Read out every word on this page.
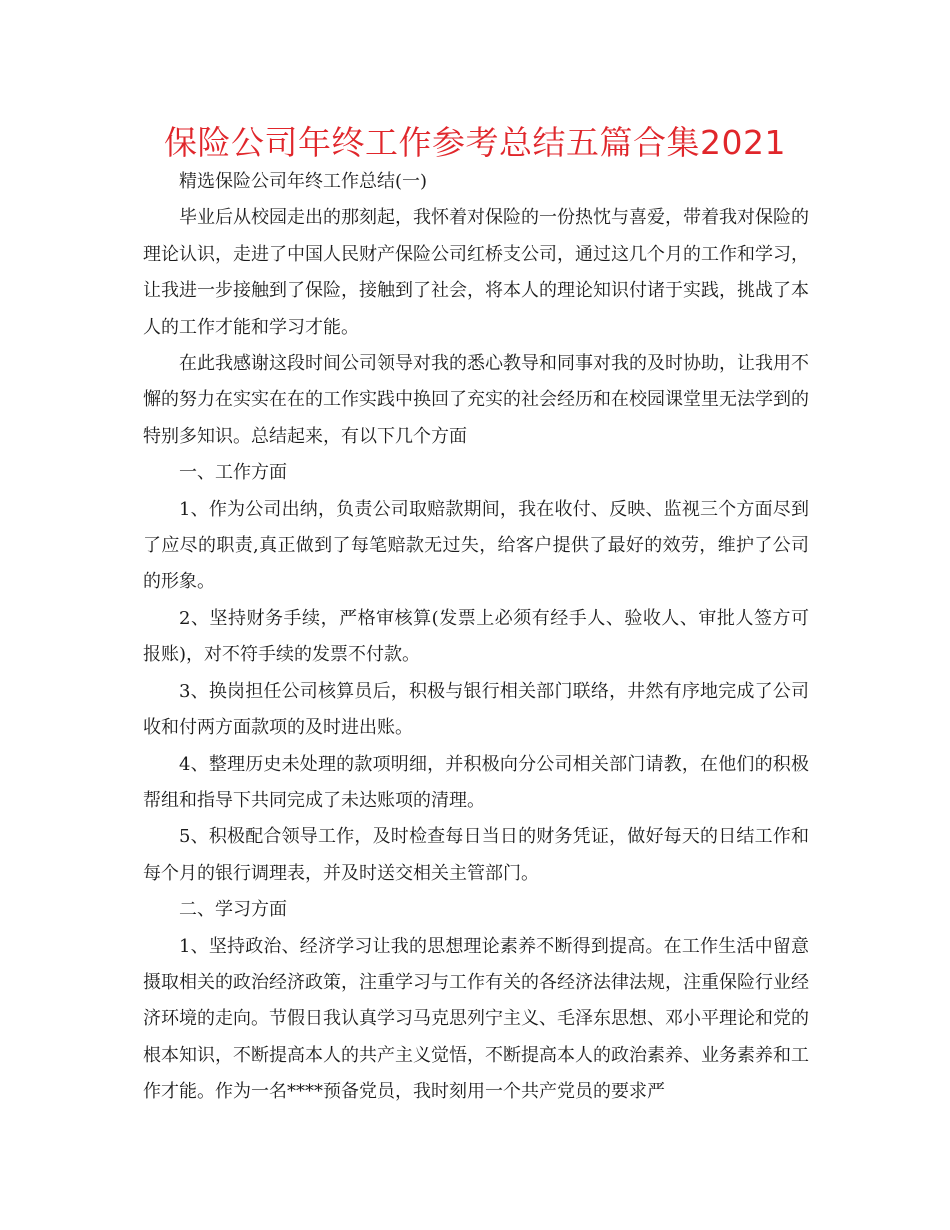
保险公司年终工作参考总结五篇合集2021

精选保险公司年终工作总结(一)

毕业后从校园走出的那刻起，我怀着对保险的一份热忱与喜爱，带着我对保险的理论认识，走进了中国人民财产保险公司红桥支公司，通过这几个月的工作和学习，让我进一步接触到了保险，接触到了社会，将本人的理论知识付诸于实践，挑战了本人的工作才能和学习才能。

在此我感谢这段时间公司领导对我的悉心教导和同事对我的及时协助，让我用不懈的努力在实实在在的工作实践中换回了充实的社会经历和在校园课堂里无法学到的特别多知识。总结起来，有以下几个方面

一、工作方面

1、作为公司出纳，负责公司取赔款期间，我在收付、反映、监视三个方面尽到了应尽的职责,真正做到了每笔赔款无过失，给客户提供了最好的效劳，维护了公司的形象。

2、坚持财务手续，严格审核算(发票上必须有经手人、验收人、审批人签方可报账)，对不符手续的发票不付款。

3、换岗担任公司核算员后，积极与银行相关部门联络，井然有序地完成了公司收和付两方面款项的及时进出账。

4、整理历史未处理的款项明细，并积极向分公司相关部门请教，在他们的积极帮组和指导下共同完成了未达账项的清理。

5、积极配合领导工作，及时检查每日当日的财务凭证，做好每天的日结工作和每个月的银行调理表，并及时送交相关主管部门。

二、学习方面

1、坚持政治、经济学习让我的思想理论素养不断得到提高。在工作生活中留意摄取相关的政治经济政策，注重学习与工作有关的各经济法律法规，注重保险行业经济环境的走向。节假日我认真学习马克思列宁主义、毛泽东思想、邓小平理论和党的根本知识，不断提高本人的共产主义觉悟，不断提高本人的政治素养、业务素养和工作才能。作为一名****预备党员，我时刻用一个共产党员的要求严
